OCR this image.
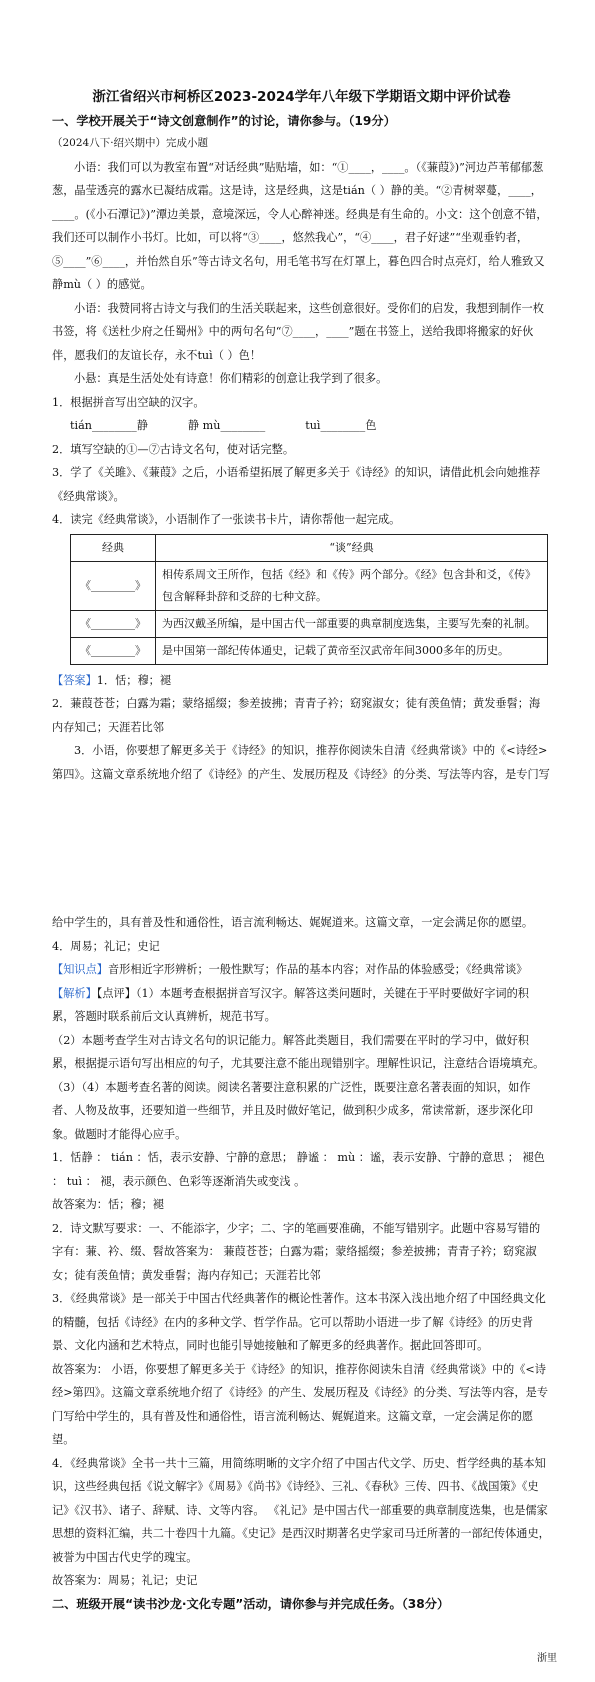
浙江省绍兴市柯桥区2023-2024学年八年级下学期语文期中评价试卷
一、学校开展关于“诗文创意制作”的讨论，请你参与。（19分）

（2024八下·绍兴期中）完成小题

小语：我们可以为教室布置“对话经典”贴贴墙，如：“①____，____。（《蒹葭》)”河边芦苇郁郁葱葱，晶莹透亮的露水已凝结成霜。这是诗，这是经典，这是tián（ ）静的美。“②青树翠蔓，____，____。(《小石潭记》)”潭边美景，意境深远，令人心醉神迷。经典是有生命的。小文：这个创意不错，我们还可以制作小书灯。比如，可以将“③____，悠然我心”，“④____，君子好逑”“坐观垂钓者，⑤____”⑥____，并怡然自乐”等古诗文名句，用毛笔书写在灯罩上，暮色四合时点亮灯，给人雅致又静mù（ ）的感觉。

小语：我赞同将古诗文与我们的生活关联起来，这些创意很好。受你们的启发，我想到制作一枚书签，将《送杜少府之任蜀州》中的两句名句“⑦____，____”题在书签上，送给我即将搬家的好伙伴，愿我们的友谊长存，永不tuì（ ）色！

小悬：真是生活处处有诗意！你们精彩的创意让我学到了很多。

1．根据拼音写出空缺的汉字。

tián________静	静 mù________	tuì________色

2．填写空缺的①—⑦古诗文名句，使对话完整。

3．学了《关雎》、《蒹葭》之后，小语希望拓展了解更多关于《诗经》的知识，请借此机会向她推荐《经典常谈》。

4．读完《经典常谈》，小语制作了一张读书卡片，请你帮他一起完成。

经典	“谈”经典
《________》	相传系周文王所作，包括《经》和《传》两个部分。《经》包含卦和爻，《传》包含解释卦辞和爻辞的七种文辞。
《________》	为西汉戴圣所编，是中国古代一部重要的典章制度选集，主要写先秦的礼制。
《________》	是中国第一部纪传体通史，记载了黄帝至汉武帝年间3000多年的历史。

【答案】1．恬；穆；褪

2．蒹葭苍苍；白露为霜；蒙络摇缀；参差披拂；青青子衿；窈窕淑女；徒有羡鱼情；黄发垂髫；海内存知己；天涯若比邻

3．小语，你要想了解更多关于《诗经》的知识，推荐你阅读朱自清《经典常谈》中的《<诗经>第四》。这篇文章系统地介绍了《诗经》的产生、发展历程及《诗经》的分类、写法等内容，是专门写

给中学生的，具有普及性和通俗性，语言流利畅达、娓娓道来。这篇文章，一定会满足你的愿望。

4．周易；礼记；史记

【知识点】音形相近字形辨析；一般性默写；作品的基本内容；对作品的体验感受；《经典常谈》

【解析】【点评】（1）本题考查根据拼音写汉字。解答这类问题时，关键在于平时要做好字词的积累，答题时联系前后文认真辨析，规范书写。

（2）本题考查学生对古诗文名句的识记能力。解答此类题目，我们需要在平时的学习中，做好积累，根据提示语句写出相应的句子，尤其要注意不能出现错别字。理解性识记，注意结合语境填充。

（3）（4）本题考查名著的阅读。阅读名著要注意积累的广泛性，既要注意名著表面的知识，如作者、人物及故事，还要知道一些细节，并且及时做好笔记，做到积少成多，常读常新，逐步深化印象。做题时才能得心应手。

1．恬静 ： tián ：恬，表示安静、宁静的意思； 静谧 ： mù ：谧，表示安静、宁静的意思 ； 褪色 ： tuì ： 褪，表示颜色、色彩等逐渐消失或变浅 。

故答案为：恬；穆；褪

2．诗文默写要求：一、不能添字，少字；二、字的笔画要准确，不能写错别字。此题中容易写错的字有：蒹、衿、缀、髫故答案为： 蒹葭苍苍；白露为霜；蒙络摇缀；参差披拂；青青子衿；窈窕淑女；徒有羡鱼情；黄发垂髫；海内存知己；天涯若比邻

3．《经典常谈》是一部关于中国古代经典著作的概论性著作。这本书深入浅出地介绍了中国经典文化的精髓，包括《诗经》在内的多种文学、哲学作品。它可以帮助小语进一步了解《诗经》的历史背景、文化内涵和艺术特点，同时也能引导她接触和了解更多的经典著作。据此回答即可。

故答案为： 小语，你要想了解更多关于《诗经》的知识，推荐你阅读朱自清《经典常谈》中的《<诗经>第四》。这篇文章系统地介绍了《诗经》的产生、发展历程及《诗经》的分类、写法等内容，是专门写给中学生的，具有普及性和通俗性，语言流利畅达、娓娓道来。这篇文章，一定会满足你的愿望。

4．《经典常谈》全书一共十三篇，用简练明晰的文字介绍了中国古代文学、历史、哲学经典的基本知识，这些经典包括《说文解字》《周易》《尚书》《诗经》、三礼、《春秋》三传、四书、《战国策》《史记》《汉书》、诸子、辞赋、诗、文等内容。 《礼记》是中国古代一部重要的典章制度选集，也是儒家思想的资料汇编，共二十卷四十九篇。《史记》是西汉时期著名史学家司马迁所著的一部纪传体通史，被誉为中国古代史学的瑰宝。

故答案为：周易；礼记；史记

二、班级开展“读书沙龙·文化专题”活动，请你参与并完成任务。（38分）
浙里
